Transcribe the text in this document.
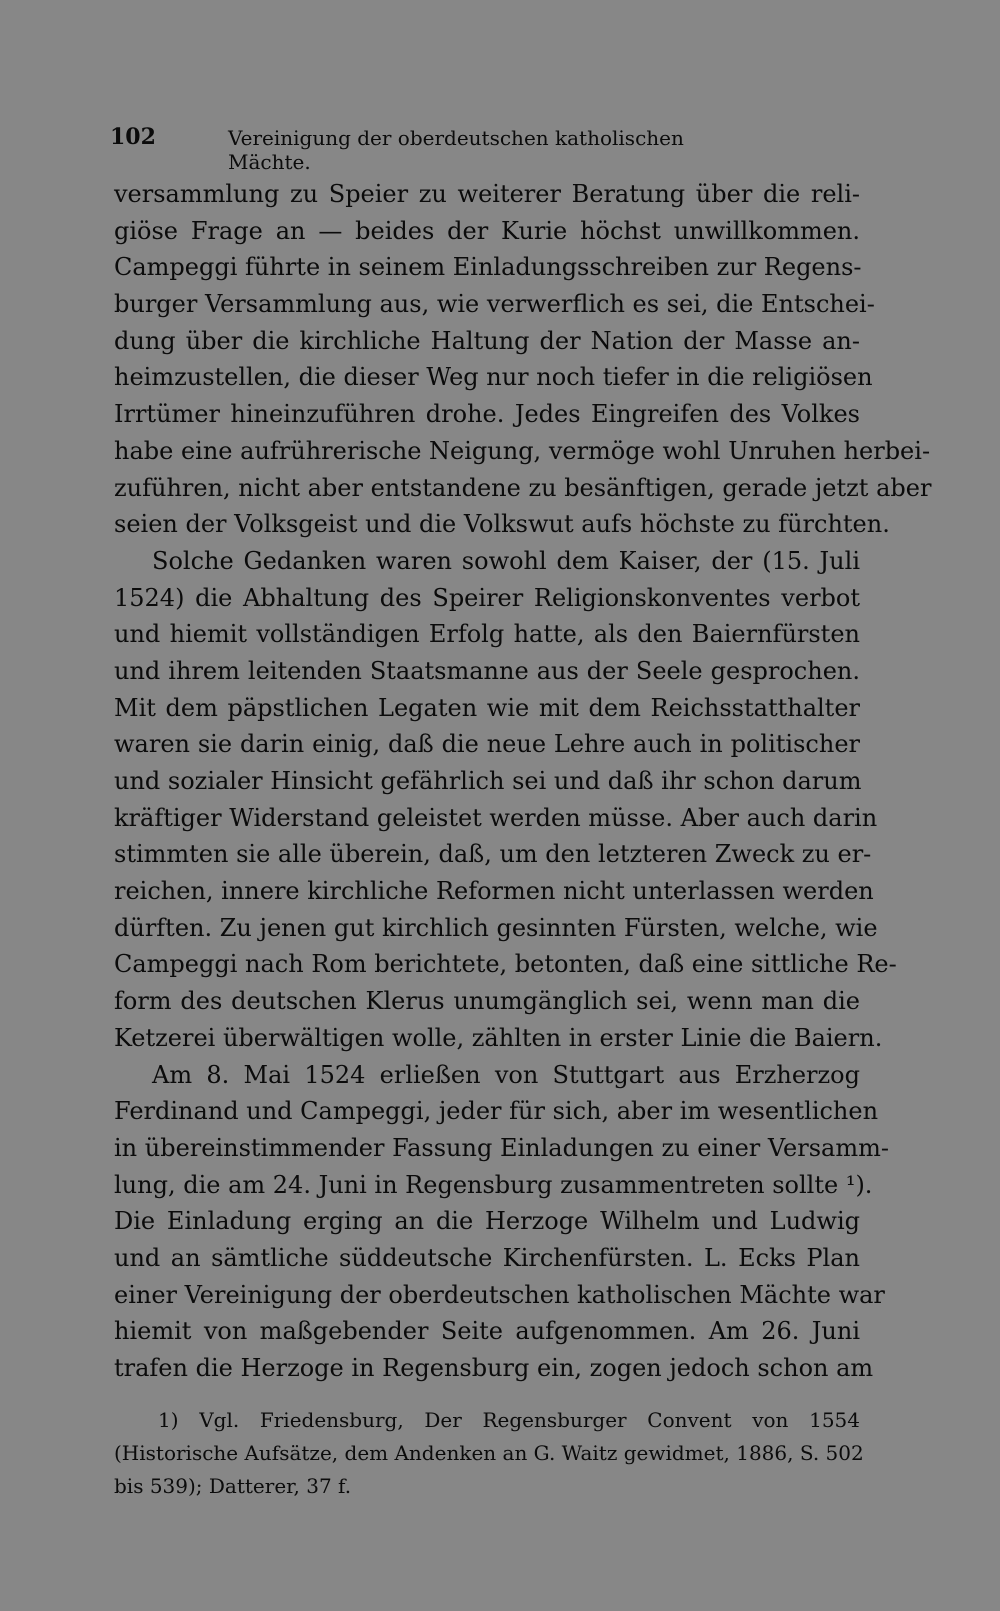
102	Vereinigung der oberdeutschen katholischen Mächte.
versammlung zu Speier zu weiterer Beratung über die reli-
giöse Frage an — beides der Kurie höchst unwillkommen.
Campeggi führte in seinem Einladungsschreiben zur Regens-
burger Versammlung aus, wie verwerflich es sei, die Entschei-
dung über die kirchliche Haltung der Nation der Masse an-
heimzustellen, die dieser Weg nur noch tiefer in die religiösen
Irrtümer hineinzuführen drohe. Jedes Eingreifen des Volkes
habe eine aufrührerische Neigung, vermöge wohl Unruhen herbei-
zuführen, nicht aber entstandene zu besänftigen, gerade jetzt aber
seien der Volksgeist und die Volkswut aufs höchste zu fürchten.
Solche Gedanken waren sowohl dem Kaiser, der (15. Juli
1524) die Abhaltung des Speirer Religionskonventes verbot
und hiemit vollständigen Erfolg hatte, als den Baiernfürsten
und ihrem leitenden Staatsmanne aus der Seele gesprochen.
Mit dem päpstlichen Legaten wie mit dem Reichsstatthalter
waren sie darin einig, daß die neue Lehre auch in politischer
und sozialer Hinsicht gefährlich sei und daß ihr schon darum
kräftiger Widerstand geleistet werden müsse. Aber auch darin
stimmten sie alle überein, daß, um den letzteren Zweck zu er-
reichen, innere kirchliche Reformen nicht unterlassen werden
dürften. Zu jenen gut kirchlich gesinnten Fürsten, welche, wie
Campeggi nach Rom berichtete, betonten, daß eine sittliche Re-
form des deutschen Klerus unumgänglich sei, wenn man die
Ketzerei überwältigen wolle, zählten in erster Linie die Baiern.
Am 8. Mai 1524 erließen von Stuttgart aus Erzherzog
Ferdinand und Campeggi, jeder für sich, aber im wesentlichen
in übereinstimmender Fassung Einladungen zu einer Versamm-
lung, die am 24. Juni in Regensburg zusammentreten sollte ¹).
Die Einladung erging an die Herzoge Wilhelm und Ludwig
und an sämtliche süddeutsche Kirchenfürsten. L. Ecks Plan
einer Vereinigung der oberdeutschen katholischen Mächte war
hiemit von maßgebender Seite aufgenommen. Am 26. Juni
trafen die Herzoge in Regensburg ein, zogen jedoch schon am
1) Vgl. Friedensburg, Der Regensburger Convent von 1554
(Historische Aufsätze, dem Andenken an G. Waitz gewidmet, 1886, S. 502
bis 539); Datterer, 37 f.
